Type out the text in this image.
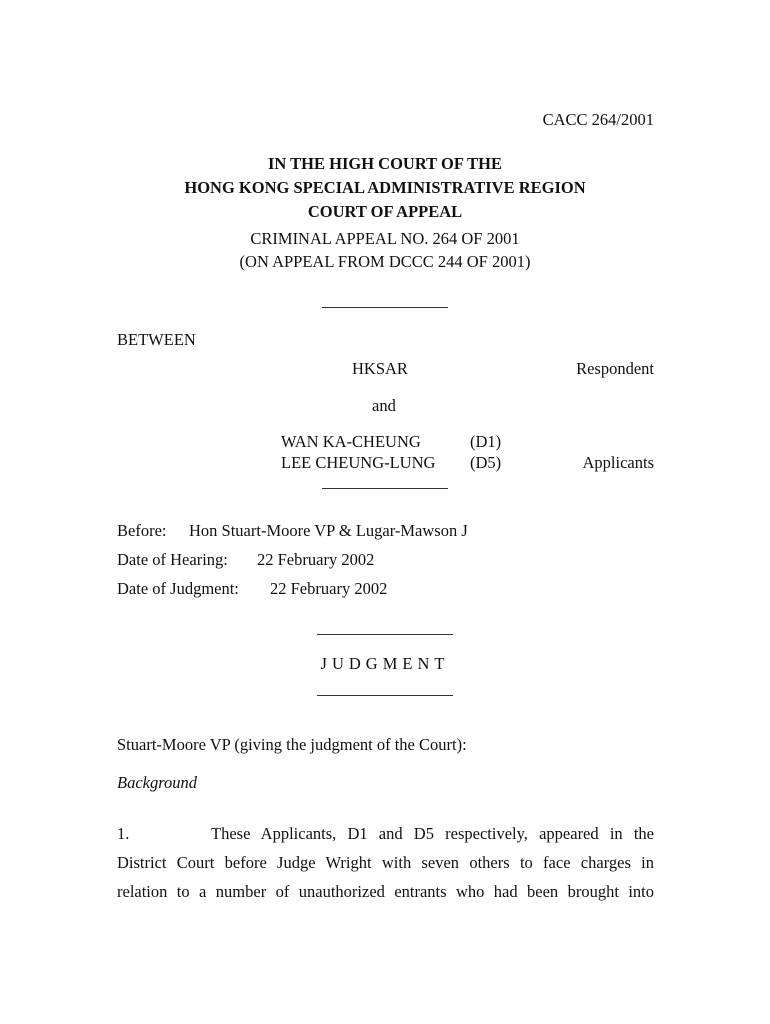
CACC 264/2001
IN THE HIGH COURT OF THE
HONG KONG SPECIAL ADMINISTRATIVE REGION
COURT OF APPEAL
CRIMINAL APPEAL NO. 264 OF 2001
(ON APPEAL FROM DCCC 244 OF 2001)
BETWEEN
HKSAR	Respondent
and
WAN KA-CHEUNG	(D1)
LEE CHEUNG-LUNG (D5)	Applicants
Before: Hon Stuart-Moore VP & Lugar-Mawson J
Date of Hearing: 22 February 2002
Date of Judgment: 22 February 2002
JUDGMENT
Stuart-Moore VP (giving the judgment of the Court):
Background
1.	These Applicants, D1 and D5 respectively, appeared in the
District Court before Judge Wright with seven others to face charges in
relation to a number of unauthorized entrants who had been brought into
